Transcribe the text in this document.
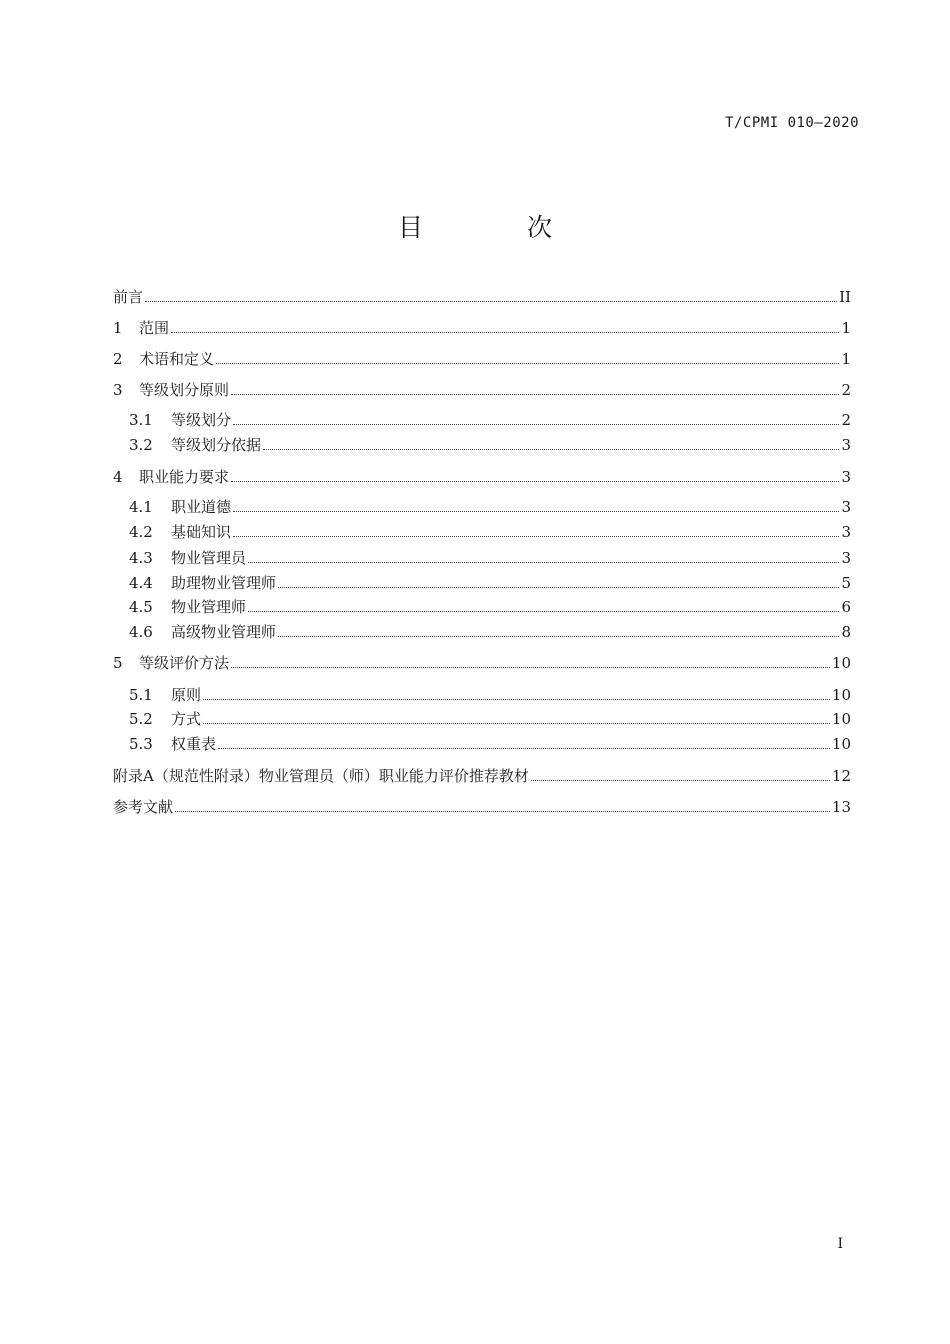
T/CPMI 010—2020
目 次
前言	II
1	范围	1
2	术语和定义	1
3	等级划分原则	2
3.1	等级划分	2
3.2	等级划分依据	3
4	职业能力要求	3
4.1	职业道德	3
4.2	基础知识	3
4.3	物业管理员	3
4.4	助理物业管理师	5
4.5	物业管理师	6
4.6	高级物业管理师	8
5	等级评价方法	10
5.1	原则	10
5.2	方式	10
5.3	权重表	10
附录A（规范性附录）物业管理员（师）职业能力评价推荐教材	12
参考文献	13
I
